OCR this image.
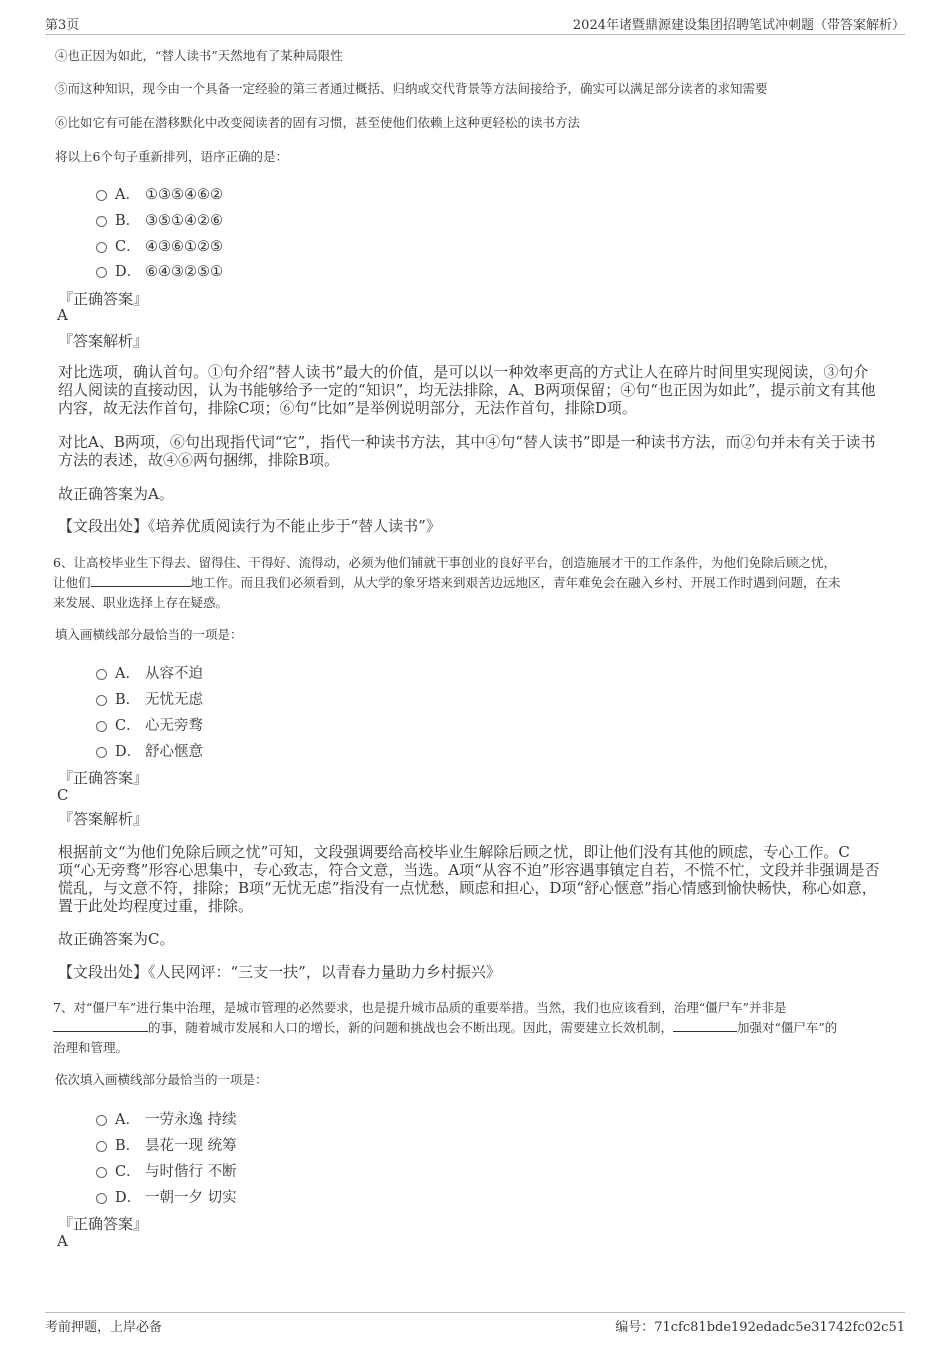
第3页	2024年诸暨鼎源建设集团招聘笔试冲刺题（带答案解析）
④也正因为如此，“替人读书”天然地有了某种局限性
⑤而这种知识，现今由一个具备一定经验的第三者通过概括、归纳或交代背景等方法间接给予，确实可以满足部分读者的求知需要
⑥比如它有可能在潜移默化中改变阅读者的固有习惯，甚至使他们依赖上这种更轻松的读书方法
将以上6个句子重新排列，语序正确的是：
A． ①③⑤④⑥②
B． ③⑤①④②⑥
C． ④③⑥①②⑤
D． ⑥④③②⑤①
『正确答案』
A
『答案解析』
对比选项，确认首句。①句介绍“替人读书”最大的价值，是可以以一种效率更高的方式让人在碎片时间里实现阅读，③句介
绍人阅读的直接动因，认为书能够给予一定的“知识”，均无法排除，A、B两项保留；④句“也正因为如此”，提示前文有其他
内容，故无法作首句，排除C项；⑥句“比如”是举例说明部分，无法作首句，排除D项。
对比A、B两项，⑥句出现指代词“它”，指代一种读书方法，其中④句“替人读书”即是一种读书方法，而②句并未有关于读书
方法的表述，故④⑥两句捆绑，排除B项。
故正确答案为A。
【文段出处】《培养优质阅读行为不能止步于“替人读书”》
6、让高校毕业生下得去、留得住、干得好、流得动，必须为他们铺就干事创业的良好平台，创造施展才干的工作条件，为他们免除后顾之忧，
让他们	地工作。而且我们必须看到，从大学的象牙塔来到艰苦边远地区，青年难免会在融入乡村、开展工作时遇到问题，在未
来发展、职业选择上存在疑惑。
填入画横线部分最恰当的一项是：
A． 从容不迫
B． 无忧无虑
C． 心无旁骛
D． 舒心惬意
『正确答案』
C
『答案解析』
根据前文“为他们免除后顾之忧”可知，文段强调要给高校毕业生解除后顾之忧，即让他们没有其他的顾虑，专心工作。C
项“心无旁骛”形容心思集中，专心致志，符合文意，当选。A项“从容不迫”形容遇事镇定自若，不慌不忙，文段并非强调是否
慌乱，与文意不符，排除；B项“无忧无虑”指没有一点忧愁，顾虑和担心，D项“舒心惬意”指心情感到愉快畅快，称心如意，
置于此处均程度过重，排除。
故正确答案为C。
【文段出处】《人民网评：“三支一扶”，以青春力量助力乡村振兴》
7、对“僵尸车”进行集中治理，是城市管理的必然要求，也是提升城市品质的重要举措。当然，我们也应该看到，治理“僵尸车”并非是
的事，随着城市发展和人口的增长，新的问题和挑战也会不断出现。因此，需要建立长效机制，	加强对“僵尸车”的
治理和管理。
依次填入画横线部分最恰当的一项是：
A． 一劳永逸 持续
B． 昙花一现 统筹
C． 与时偕行 不断
D． 一朝一夕 切实
『正确答案』
A
考前押题，上岸必备	编号：71cfc81bde192edadc5e31742fc02c51
